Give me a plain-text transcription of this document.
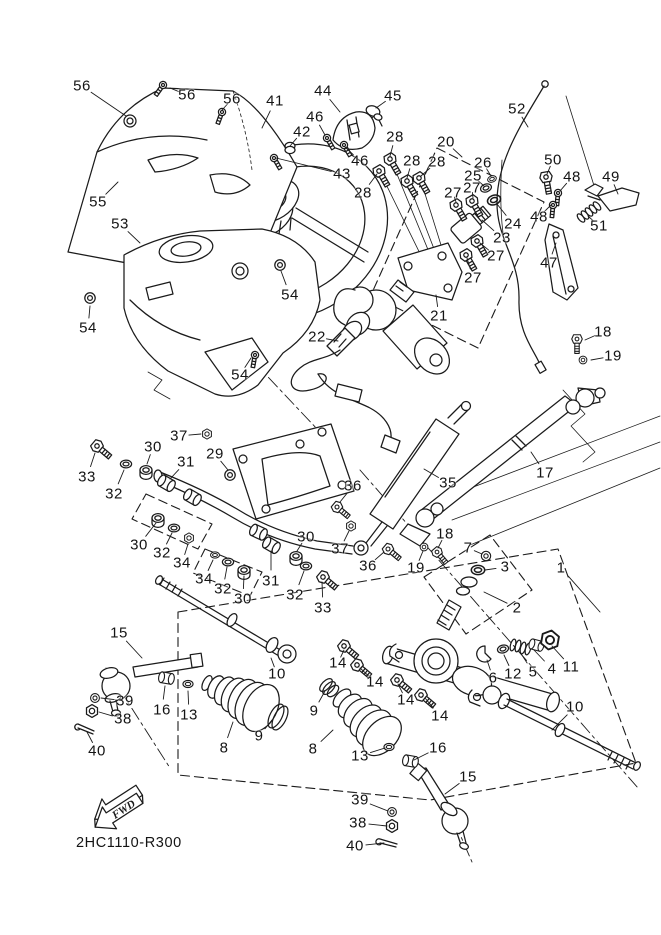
FWD
56
56 56 41
44	45
46
42
46
43
28
28
28 28
20
26
25
24
23
27 27
27
27
52
50
48 49
48
51
47
55
53
54
54
22
54
21
18
19
17
35
37
30
31 29
33
32	36
30 32
34
34
32
30
31
30
37
32
33
36 19
18
7
3	1
2
15
39
38
40
16 13
10
8
9
9
8
14
14
14
14
6 12 5 4 11
10
13	16
15
39
38
40
2HC1110-R300
